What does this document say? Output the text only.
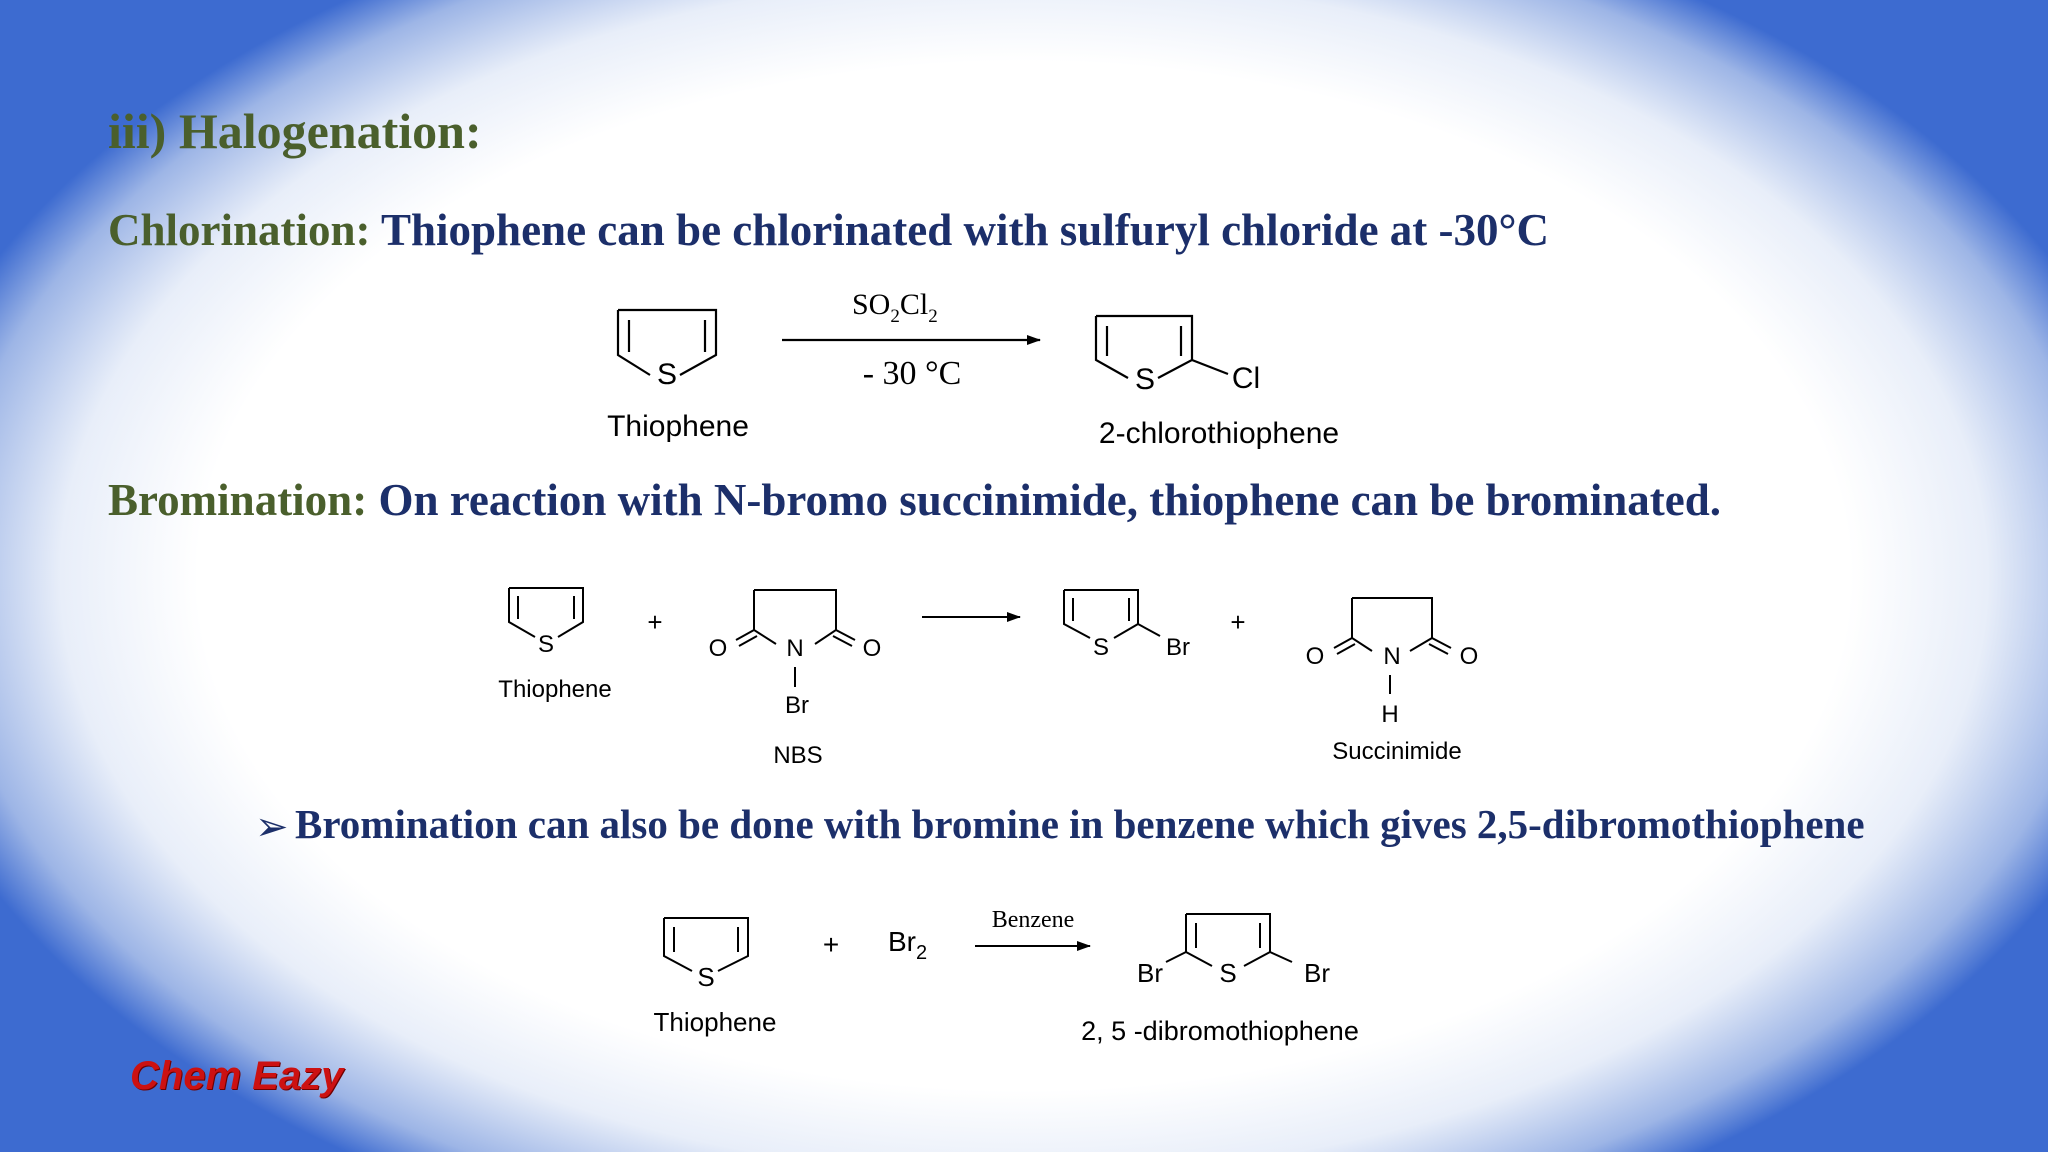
iii) Halogenation:

Chlorination: Thiophene can be chlorinated with sulfuryl chloride at -30°C

Bromination: On reaction with N-bromo succinimide, thiophene can be brominated.

➢ Bromination can also be done with bromine in benzene which gives 2,5-dibromothiophene

S
Thiophene
$SO_2Cl_2$
- 30 °C	S	Cl
2-chlorothiophene
S
Thiophene
+
O N O
Br
NBS
S Br
+
O N O
H
Succinimide
S
Thiophene
+ $Br_2$
Benzene
S
Br	Br
2, 5 -dibromothiophene

Chem Eazy
